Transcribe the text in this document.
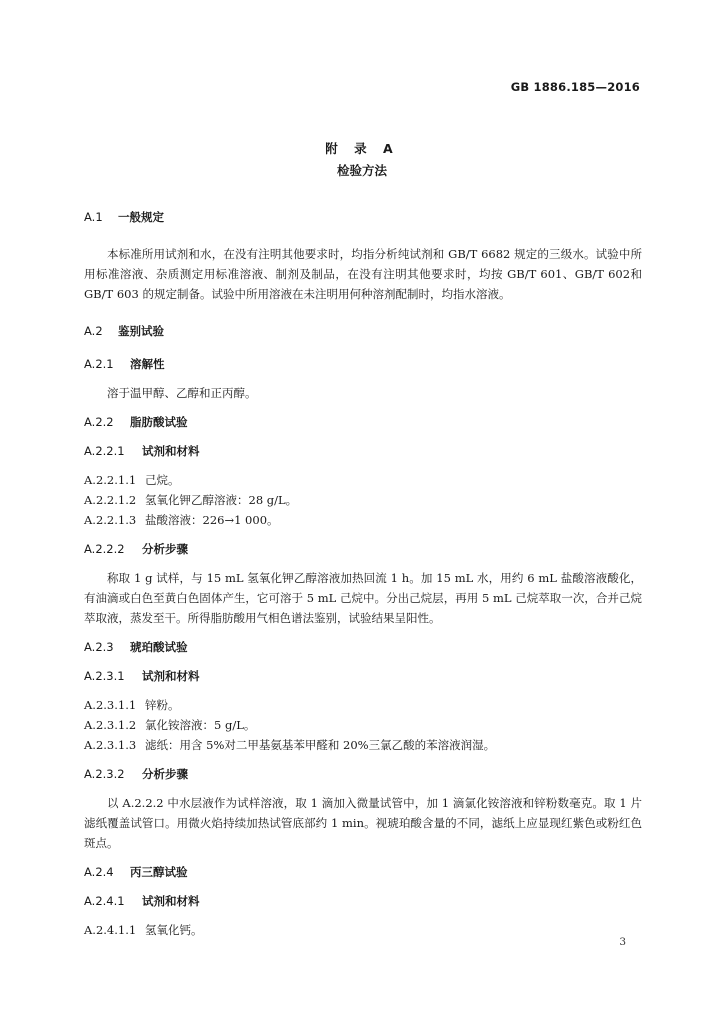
GB 1886.185—2016
附 录 A
检验方法
A.1 一般规定
本标准所用试剂和水，在没有注明其他要求时，均指分析纯试剂和 GB/T 6682 规定的三级水。试验中所用标准溶液、杂质测定用标准溶液、制剂及制品，在没有注明其他要求时，均按 GB/T 601、GB/T 602和 GB/T 603 的规定制备。试验中所用溶液在未注明用何种溶剂配制时，均指水溶液。
A.2 鉴别试验
A.2.1 溶解性
溶于温甲醇、乙醇和正丙醇。
A.2.2 脂肪酸试验
A.2.2.1 试剂和材料
A.2.2.1.1 己烷。
A.2.2.1.2 氢氧化钾乙醇溶液：28 g/L。
A.2.2.1.3 盐酸溶液：226→1 000。
A.2.2.2 分析步骤
称取 1 g 试样，与 15 mL 氢氧化钾乙醇溶液加热回流 1 h。加 15 mL 水，用约 6 mL 盐酸溶液酸化，有油滴或白色至黄白色固体产生，它可溶于 5 mL 己烷中。分出己烷层，再用 5 mL 己烷萃取一次，合并己烷萃取液，蒸发至干。所得脂肪酸用气相色谱法鉴别，试验结果呈阳性。
A.2.3 琥珀酸试验
A.2.3.1 试剂和材料
A.2.3.1.1 锌粉。
A.2.3.1.2 氯化铵溶液：5 g/L。
A.2.3.1.3 滤纸：用含 5%对二甲基氨基苯甲醛和 20%三氯乙酸的苯溶液润湿。
A.2.3.2 分析步骤
以 A.2.2.2 中水层液作为试样溶液，取 1 滴加入微量试管中，加 1 滴氯化铵溶液和锌粉数毫克。取 1 片滤纸覆盖试管口。用微火焰持续加热试管底部约 1 min。视琥珀酸含量的不同，滤纸上应显现红紫色或粉红色斑点。
A.2.4 丙三醇试验
A.2.4.1 试剂和材料
A.2.4.1.1 氢氧化钙。
3
